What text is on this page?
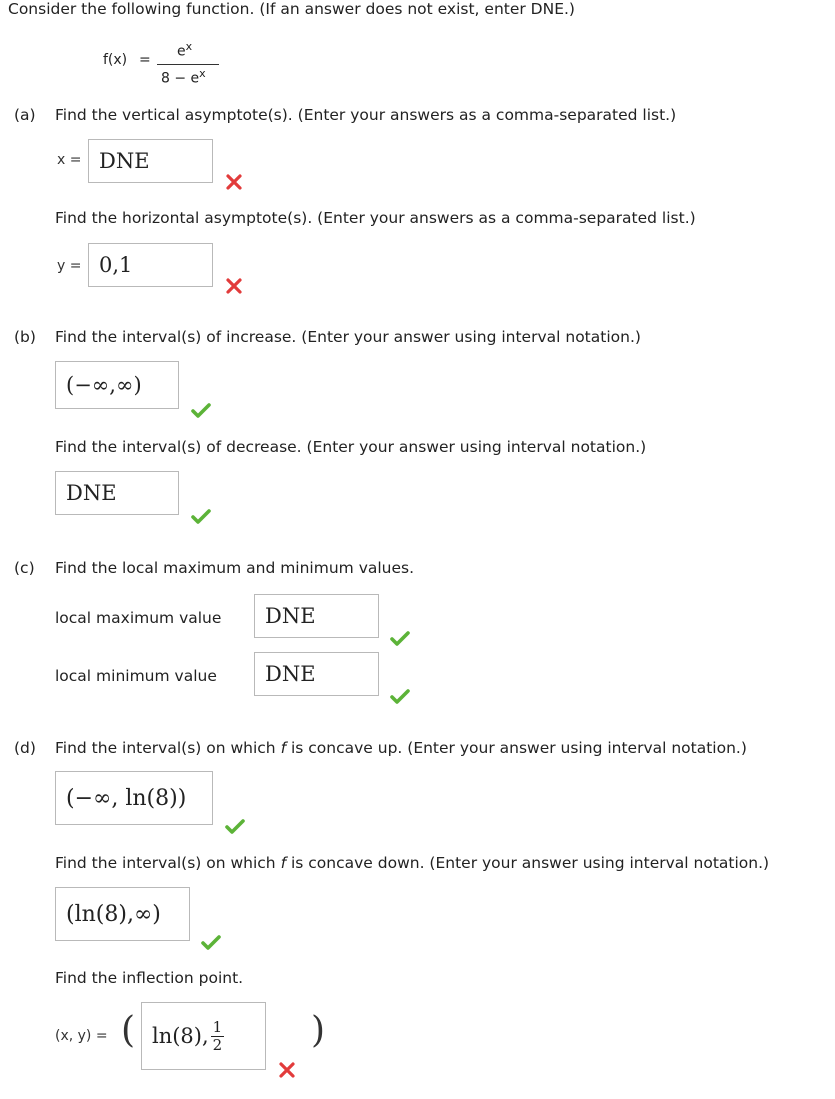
Consider the following function. (If an answer does not exist, enter DNE.)
f(x) =
$e^x$
$8 - e^x$
(a) Find the vertical asymptote(s). (Enter your answers as a comma-separated list.)
x = DNE
Find the horizontal asymptote(s). (Enter your answers as a comma-separated list.)
y = 0,1
(b) Find the interval(s) of increase. (Enter your answer using interval notation.)
(−∞,∞)
Find the interval(s) of decrease. (Enter your answer using interval notation.)
DNE
(c) Find the local maximum and minimum values.
local maximum value	DNE
local minimum value	DNE
(d) Find the interval(s) on which f is concave up. (Enter your answer using interval notation.)
(−∞, ln(8))
Find the interval(s) on which f is concave down. (Enter your answer using interval notation.)
(ln(8),∞)
Find the inflection point.
(x, y) = ( ln(8), $\frac{1}{2}$ )
